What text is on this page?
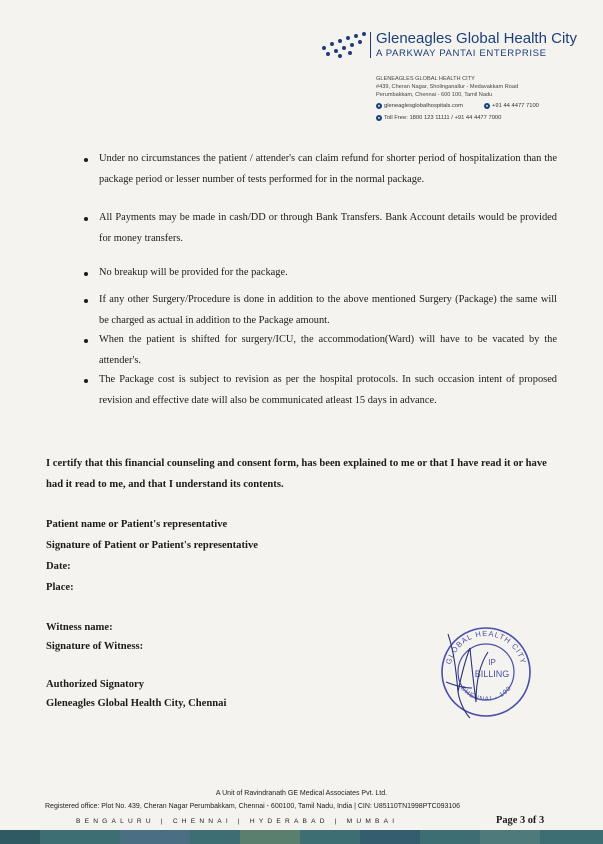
Gleneagles Global Health City
A PARKWAY PANTAI ENTERPRISE
GLENEAGLES GLOBAL HEALTH CITY
#439, Cheran Nagar, Sholinganallur - Medavakkam Road
Perumbakkam, Chennai - 600 100, Tamil Nadu
● gleneaglesglobalhospitals.com	● +91 44 4477 7100
● Toll Free: 1800 123 11111 / +91 44 4477 7000
Under no circumstances the patient / attender's can claim refund for shorter period of hospitalization than the package period or lesser number of tests performed for in the normal package.
All Payments may be made in cash/DD or through Bank Transfers. Bank Account details would be provided for money transfers.
No breakup will be provided for the package.
If any other Surgery/Procedure is done in addition to the above mentioned Surgery (Package) the same will be charged as actual in addition to the Package amount.
When the patient is shifted for surgery/ICU, the accommodation(Ward) will have to be vacated by the attender's.
The Package cost is subject to revision as per the hospital protocols. In such occasion intent of proposed revision and effective date will also be communicated atleast 15 days in advance.
I certify that this financial counseling and consent form, has been explained to me or that I have read it or have had it read to me, and that I understand its contents.
Patient name or Patient's representative
Signature of Patient or Patient's representative
Date:
Place:
Witness name:
Signature of Witness:
Authorized Signatory
Gleneagles Global Health City, Chennai
GLOBAL HEALTH CITY
CHENNAI - 100
IP
BILLING
A Unit of Ravindranath GE Medical Associates Pvt. Ltd.
Registered office: Plot No. 439, Cheran Nagar Perumbakkam, Chennai - 600100, Tamil Nadu, India | CIN: U85110TN1998PTC093106
BENGALURU | CHENNAI | HYDERABAD | MUMBAI	Page 3 of 3
